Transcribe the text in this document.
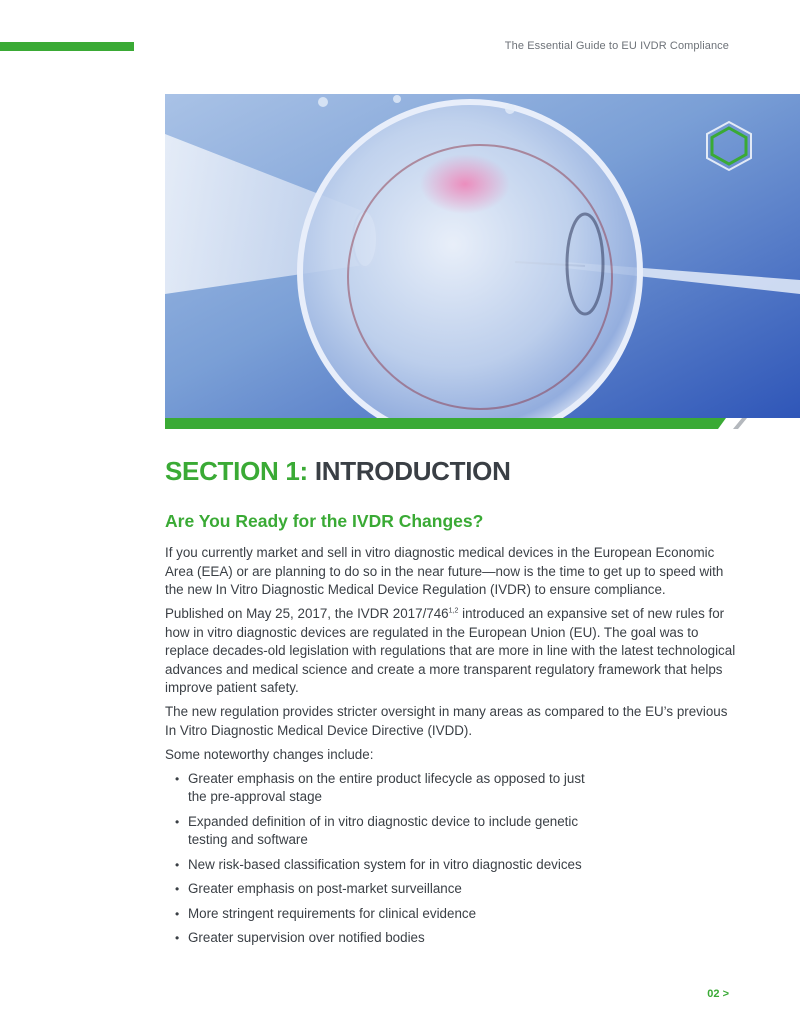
The Essential Guide to EU IVDR Compliance
SECTION 1: INTRODUCTION
Are You Ready for the IVDR Changes?

If you currently market and sell in vitro diagnostic medical devices in the European Economic Area (EEA) or are planning to do so in the near future—now is the time to get up to speed with the new In Vitro Diagnostic Medical Device Regulation (IVDR) to ensure compliance.

Published on May 25, 2017, the IVDR 2017/746$^{1,2}$ introduced an expansive set of new rules for how in vitro diagnostic devices are regulated in the European Union (EU). The goal was to replace decades-old legislation with regulations that are more in line with the latest technological advances and medical science and create a more transparent regulatory framework that helps improve patient safety.

The new regulation provides stricter oversight in many areas as compared to the EU’s previous In Vitro Diagnostic Medical Device Directive (IVDD).

Some noteworthy changes include:

• Greater emphasis on the entire product lifecycle as opposed to just the pre-approval stage
• Expanded definition of in vitro diagnostic device to include genetic testing and software
• New risk-based classification system for in vitro diagnostic devices
• Greater emphasis on post-market surveillance
• More stringent requirements for clinical evidence
• Greater supervision over notified bodies
02 >
